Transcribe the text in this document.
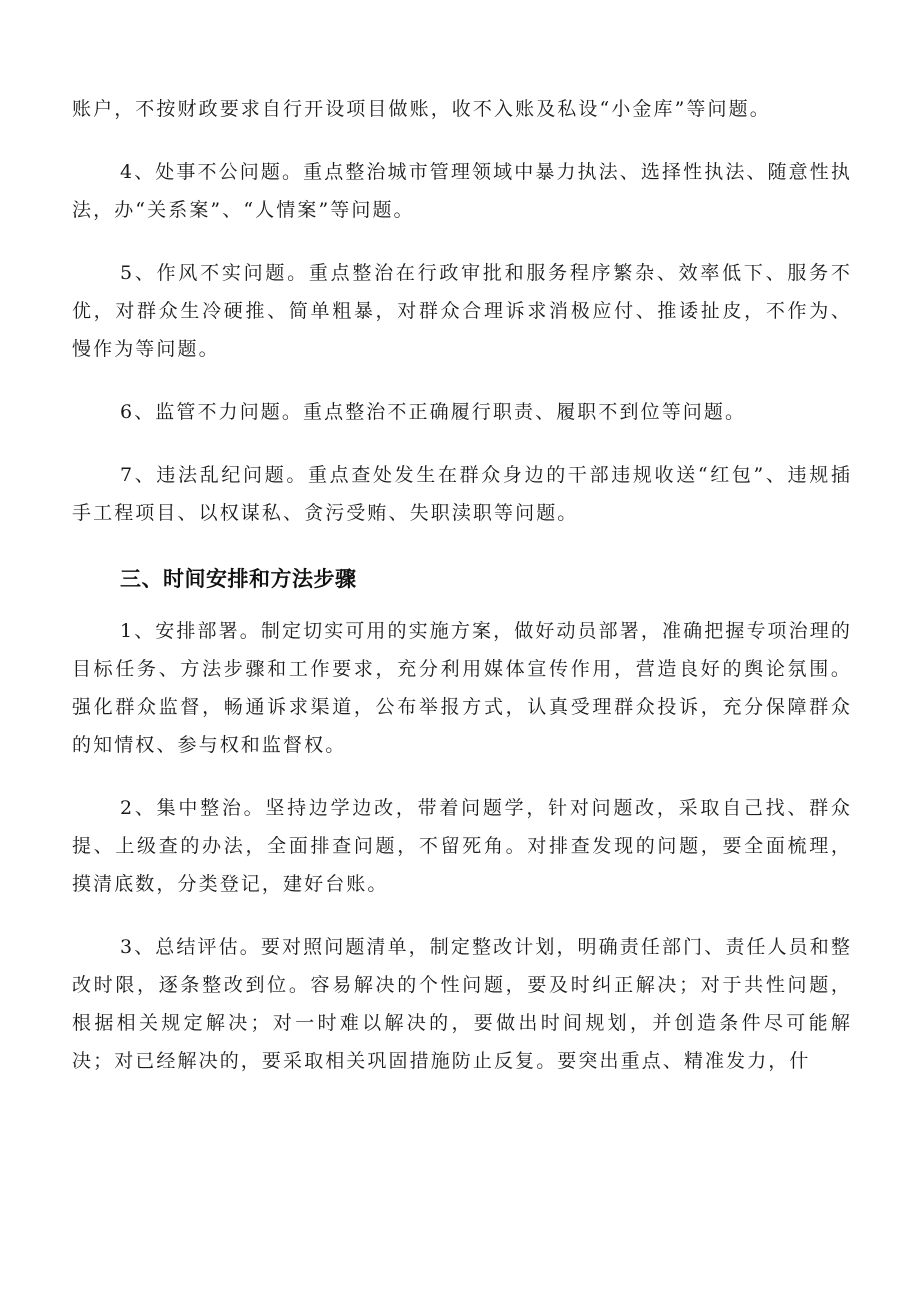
账户，不按财政要求自行开设项目做账，收不入账及私设“小金库”等问题。

4、处事不公问题。重点整治城市管理领域中暴力执法、选择性执法、随意性执法，办“关系案”、“人情案”等问题。

5、作风不实问题。重点整治在行政审批和服务程序繁杂、效率低下、服务不优，对群众生冷硬推、简单粗暴，对群众合理诉求消极应付、推诿扯皮，不作为、慢作为等问题。

6、监管不力问题。重点整治不正确履行职责、履职不到位等问题。

7、违法乱纪问题。重点查处发生在群众身边的干部违规收送“红包”、违规插手工程项目、以权谋私、贪污受贿、失职渎职等问题。

三、时间安排和方法步骤

1、安排部署。制定切实可用的实施方案，做好动员部署，准确把握专项治理的目标任务、方法步骤和工作要求，充分利用媒体宣传作用，营造良好的舆论氛围。强化群众监督，畅通诉求渠道，公布举报方式，认真受理群众投诉，充分保障群众的知情权、参与权和监督权。

2、集中整治。坚持边学边改，带着问题学，针对问题改，采取自己找、群众提、上级查的办法，全面排查问题，不留死角。对排查发现的问题，要全面梳理，摸清底数，分类登记，建好台账。

3、总结评估。要对照问题清单，制定整改计划，明确责任部门、责任人员和整改时限，逐条整改到位。容易解决的个性问题，要及时纠正解决；对于共性问题，根据相关规定解决；对一时难以解决的，要做出时间规划，并创造条件尽可能解决；对已经解决的，要采取相关巩固措施防止反复。要突出重点、精准发力，什
